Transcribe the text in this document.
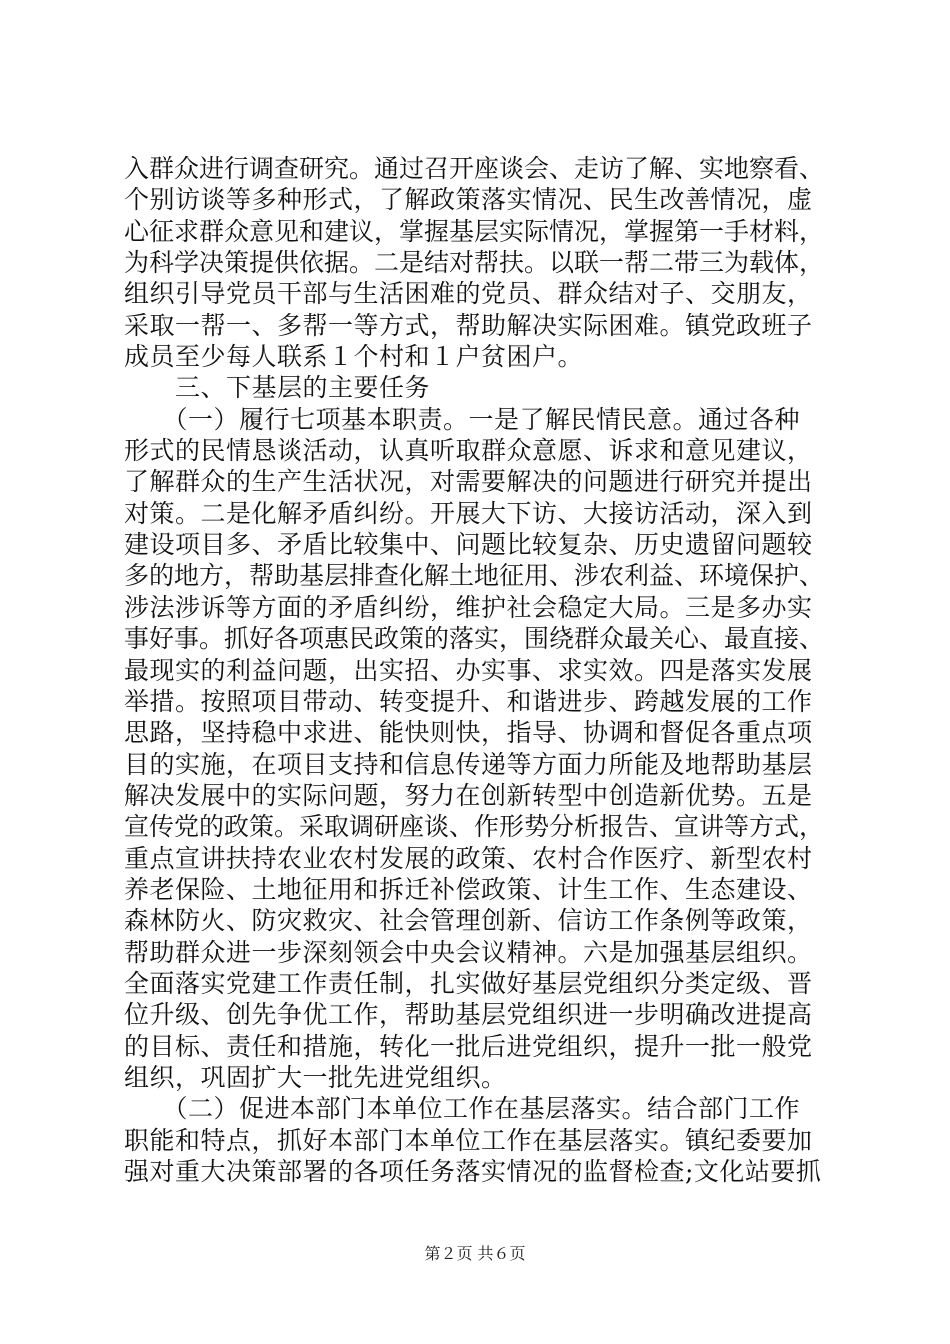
入群众进行调查研究。通过召开座谈会、走访了解、实地察看、
个别访谈等多种形式，了解政策落实情况、民生改善情况，虚
心征求群众意见和建议，掌握基层实际情况，掌握第一手材料，
为科学决策提供依据。二是结对帮扶。以联一帮二带三为载体，
组织引导党员干部与生活困难的党员、群众结对子、交朋友，
采取一帮一、多帮一等方式，帮助解决实际困难。镇党政班子
成员至少每人联系１个村和１户贫困户。
　　三、下基层的主要任务
　　（一）履行七项基本职责。一是了解民情民意。通过各种
形式的民情恳谈活动，认真听取群众意愿、诉求和意见建议，
了解群众的生产生活状况，对需要解决的问题进行研究并提出
对策。二是化解矛盾纠纷。开展大下访、大接访活动，深入到
建设项目多、矛盾比较集中、问题比较复杂、历史遗留问题较
多的地方，帮助基层排查化解土地征用、涉农利益、环境保护、
涉法涉诉等方面的矛盾纠纷，维护社会稳定大局。三是多办实
事好事。抓好各项惠民政策的落实，围绕群众最关心、最直接、
最现实的利益问题，出实招、办实事、求实效。四是落实发展
举措。按照项目带动、转变提升、和谐进步、跨越发展的工作
思路，坚持稳中求进、能快则快，指导、协调和督促各重点项
目的实施，在项目支持和信息传递等方面力所能及地帮助基层
解决发展中的实际问题，努力在创新转型中创造新优势。五是
宣传党的政策。采取调研座谈、作形势分析报告、宣讲等方式，
重点宣讲扶持农业农村发展的政策、农村合作医疗、新型农村
养老保险、土地征用和拆迁补偿政策、计生工作、生态建设、
森林防火、防灾救灾、社会管理创新、信访工作条例等政策，
帮助群众进一步深刻领会中央会议精神。六是加强基层组织。
全面落实党建工作责任制，扎实做好基层党组织分类定级、晋
位升级、创先争优工作，帮助基层党组织进一步明确改进提高
的目标、责任和措施，转化一批后进党组织，提升一批一般党
组织，巩固扩大一批先进党组织。
　　（二）促进本部门本单位工作在基层落实。结合部门工作
职能和特点，抓好本部门本单位工作在基层落实。镇纪委要加
强对重大决策部署的各项任务落实情况的监督检查;文化站要抓
第２页 共６页
